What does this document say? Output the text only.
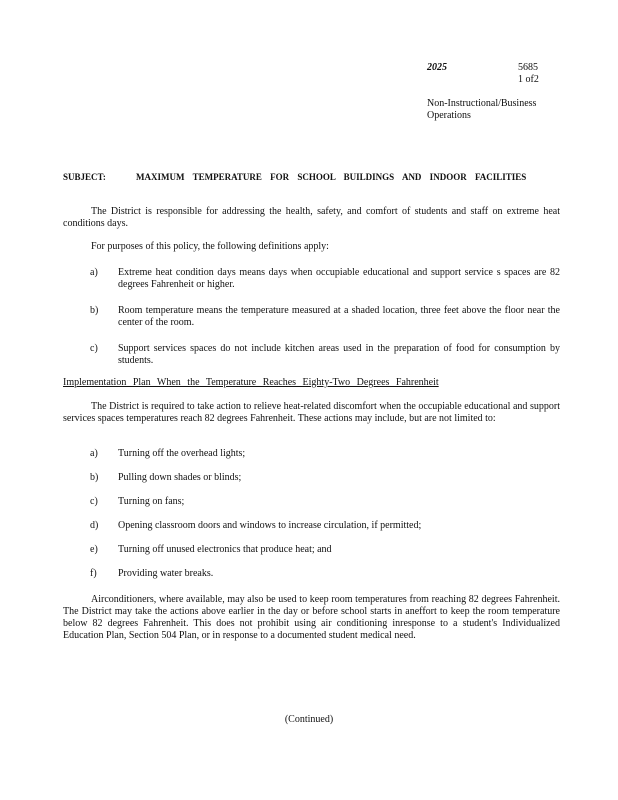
2025	5685
1 of2
Non-Instructional/Business Operations
SUBJECT:	MAXIMUM TEMPERATURE FOR SCHOOL BUILDINGS AND INDOOR FACILITIES
The District is responsible for addressing the health, safety, and comfort of students and staff on extreme heat conditions days.
For purposes of this policy, the following definitions apply:
a)	Extreme heat condition days means days when occupiable educational and support service s spaces are 82 degrees Fahrenheit or higher.
b)	Room temperature means the temperature measured at a shaded location, three feet above the floor near the center of the room.
c)	Support services spaces do not include kitchen areas used in the preparation of food for consumption by students.
Implementation Plan When the Temperature Reaches Eighty-Two Degrees Fahrenheit
The District is required to take action to relieve heat-related discomfort when the occupiable educational and support services spaces temperatures reach 82 degrees Fahrenheit. These actions may include, but are not limited to:
a)	Turning off the overhead lights;
b)	Pulling down shades or blinds;
c)	Turning on fans;
d)	Opening classroom doors and windows to increase circulation, if permitted;
e)	Turning off unused electronics that produce heat; and
f)	Providing water breaks.
Airconditioners, where available, may also be used to keep room temperatures from reaching 82 degrees Fahrenheit. The District may take the actions above earlier in the day or before school starts in aneffort to keep the room temperature below 82 degrees Fahrenheit. This does not prohibit using air conditioning inresponse to a student's Individualized Education Plan, Section 504 Plan, or in response to a documented student medical need.
(Continued)
